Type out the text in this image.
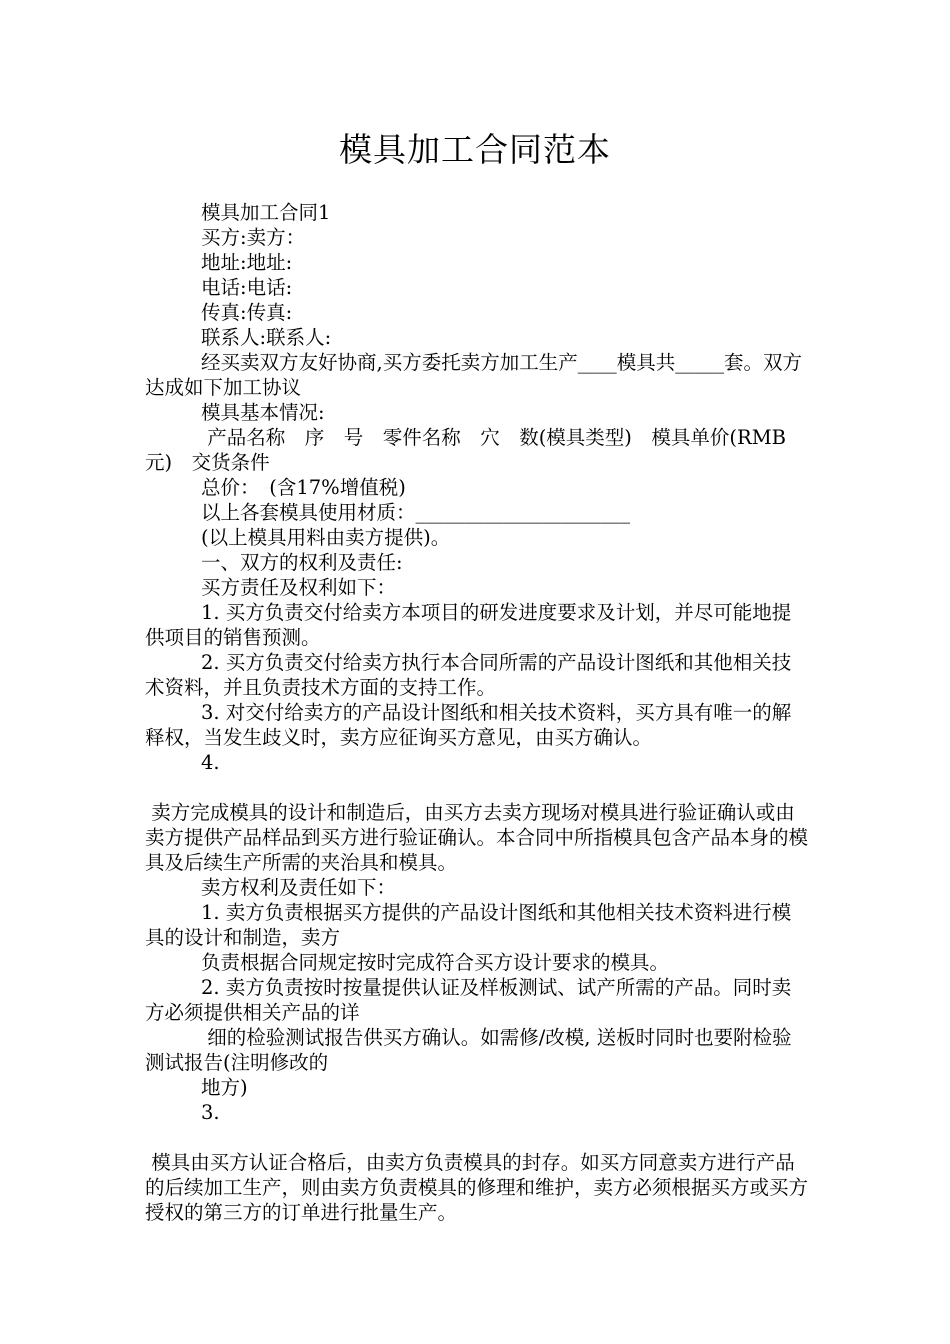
模具加工合同范本

模具加工合同1

买方:卖方：

地址:地址:

电话:电话:

传真:传真:

联系人:联系人:

经买卖双方友好协商,买方委托卖方加工生产____模具共_____套。双方达成如下加工协议

模具基本情况:

产品名称　序　号　零件名称　穴　数(模具类型)　模具单价(RMB元)　交货条件

总价：　(含17%增值税)

以上各套模具使用材质：______________________

(以上模具用料由卖方提供)。

一、双方的权利及责任:

买方责任及权利如下：

1. 买方负责交付给卖方本项目的研发进度要求及计划，并尽可能地提供项目的销售预测。

2. 买方负责交付给卖方执行本合同所需的产品设计图纸和其他相关技术资料，并且负责技术方面的支持工作。

3. 对交付给卖方的产品设计图纸和相关技术资料，买方具有唯一的解释权，当发生歧义时，卖方应征询买方意见，由买方确认。

4.

卖方完成模具的设计和制造后，由买方去卖方现场对模具进行验证确认或由卖方提供产品样品到买方进行验证确认。本合同中所指模具包含产品本身的模具及后续生产所需的夹治具和模具。

卖方权利及责任如下：

1. 卖方负责根据买方提供的产品设计图纸和其他相关技术资料进行模具的设计和制造，卖方

负责根据合同规定按时完成符合买方设计要求的模具。

2. 卖方负责按时按量提供认证及样板测试、试产所需的产品。同时卖方必须提供相关产品的详

细的检验测试报告供买方确认。如需修/改模, 送板时同时也要附检验测试报告(注明修改的

地方)

3.

模具由买方认证合格后，由卖方负责模具的封存。如买方同意卖方进行产品的后续加工生产，则由卖方负责模具的修理和维护，卖方必须根据买方或买方授权的第三方的订单进行批量生产。
